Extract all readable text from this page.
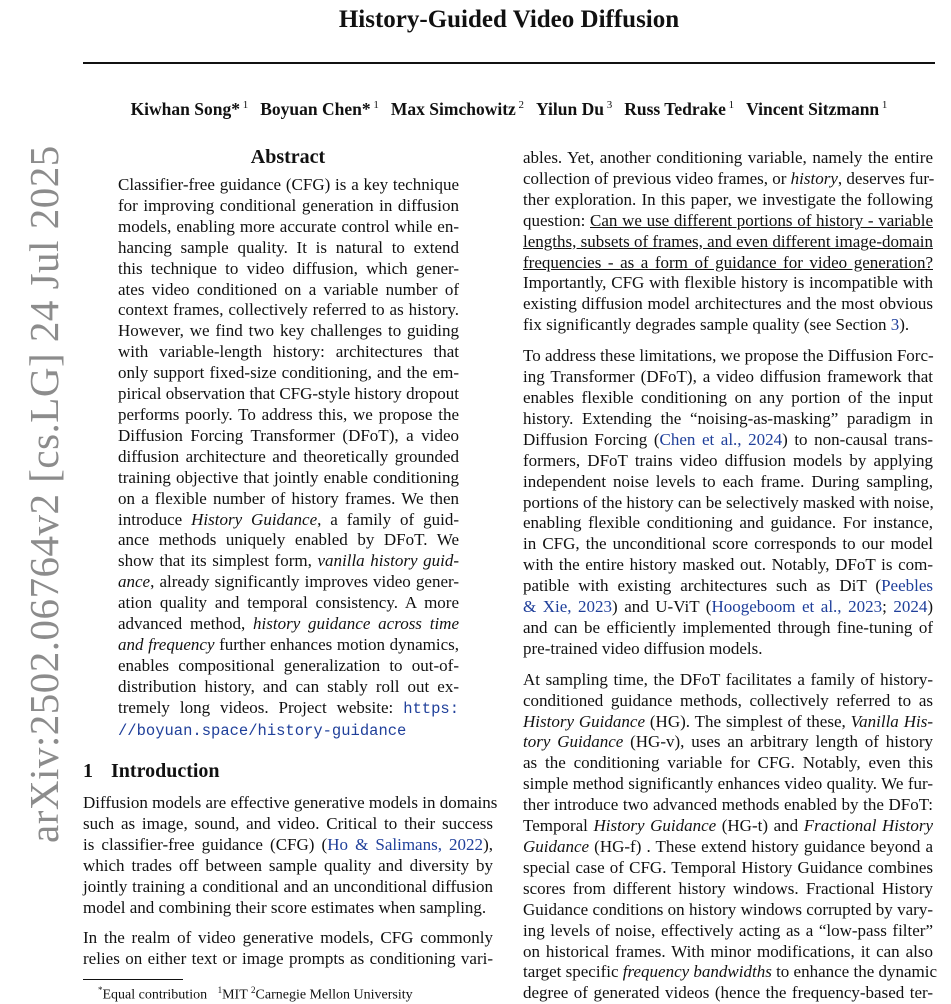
arXiv:2502.06764v2 [cs.LG] 24 Jul 2025
History-Guided Video Diffusion
Kiwhan Song* $^1$ Boyuan Chen* $^1$ Max Simchowitz $^2$ Yilun Du $^3$ Russ Tedrake $^1$ Vincent Sitzmann $^1$
Abstract
Classifier-free guidance (CFG) is a key technique
for improving conditional generation in diffusion
models, enabling more accurate control while en-
hancing sample quality. It is natural to extend
this technique to video diffusion, which gener-
ates video conditioned on a variable number of
context frames, collectively referred to as history.
However, we find two key challenges to guiding
with variable-length history: architectures that
only support fixed-size conditioning, and the em-
pirical observation that CFG-style history dropout
performs poorly. To address this, we propose the
Diffusion Forcing Transformer (DFoT), a video
diffusion architecture and theoretically grounded
training objective that jointly enable conditioning
on a flexible number of history frames. We then
introduce History Guidance, a family of guid-
ance methods uniquely enabled by DFoT. We
show that its simplest form, vanilla history guid-
ance, already significantly improves video gener-
ation quality and temporal consistency. A more
advanced method, history guidance across time
and frequency further enhances motion dynamics,
enables compositional generalization to out-of-
distribution history, and can stably roll out ex-
tremely long videos. Project website: https:
//boyuan.space/history-guidance
1 Introduction
Diffusion models are effective generative models in domains
such as image, sound, and video. Critical to their success
is classifier-free guidance (CFG) (Ho & Salimans, 2022),
which trades off between sample quality and diversity by
jointly training a conditional and an unconditional diffusion
model and combining their score estimates when sampling.
In the realm of video generative models, CFG commonly
relies on either text or image prompts as conditioning vari-
ables. Yet, another conditioning variable, namely the entire
collection of previous video frames, or history, deserves fur-
ther exploration. In this paper, we investigate the following
question: Can we use different portions of history - variable
lengths, subsets of frames, and even different image-domain
frequencies - as a form of guidance for video generation?
Importantly, CFG with flexible history is incompatible with
existing diffusion model architectures and the most obvious
fix significantly degrades sample quality (see Section 3).
To address these limitations, we propose the Diffusion Forc-
ing Transformer (DFoT), a video diffusion framework that
enables flexible conditioning on any portion of the input
history. Extending the “noising-as-masking” paradigm in
Diffusion Forcing (Chen et al., 2024) to non-causal trans-
formers, DFoT trains video diffusion models by applying
independent noise levels to each frame. During sampling,
portions of the history can be selectively masked with noise,
enabling flexible conditioning and guidance. For instance,
in CFG, the unconditional score corresponds to our model
with the entire history masked out. Notably, DFoT is com-
patible with existing architectures such as DiT (Peebles
& Xie, 2023) and U-ViT (Hoogeboom et al., 2023; 2024)
and can be efficiently implemented through fine-tuning of
pre-trained video diffusion models.
At sampling time, the DFoT facilitates a family of history-
conditioned guidance methods, collectively referred to as
History Guidance (HG). The simplest of these, Vanilla His-
tory Guidance (HG-v), uses an arbitrary length of history
as the conditioning variable for CFG. Notably, even this
simple method significantly enhances video quality. We fur-
ther introduce two advanced methods enabled by the DFoT:
Temporal History Guidance (HG-t) and Fractional History
Guidance (HG-f) . These extend history guidance beyond a
special case of CFG. Temporal History Guidance combines
scores from different history windows. Fractional History
Guidance conditions on history windows corrupted by vary-
ing levels of noise, effectively acting as a “low-pass filter”
on historical frames. With minor modifications, it can also
target specific frequency bandwidths to enhance the dynamic
degree of generated videos (hence the frequency-based ter-
*Equal contribution   $^1$MIT $^2$Carnegie Mellon University
